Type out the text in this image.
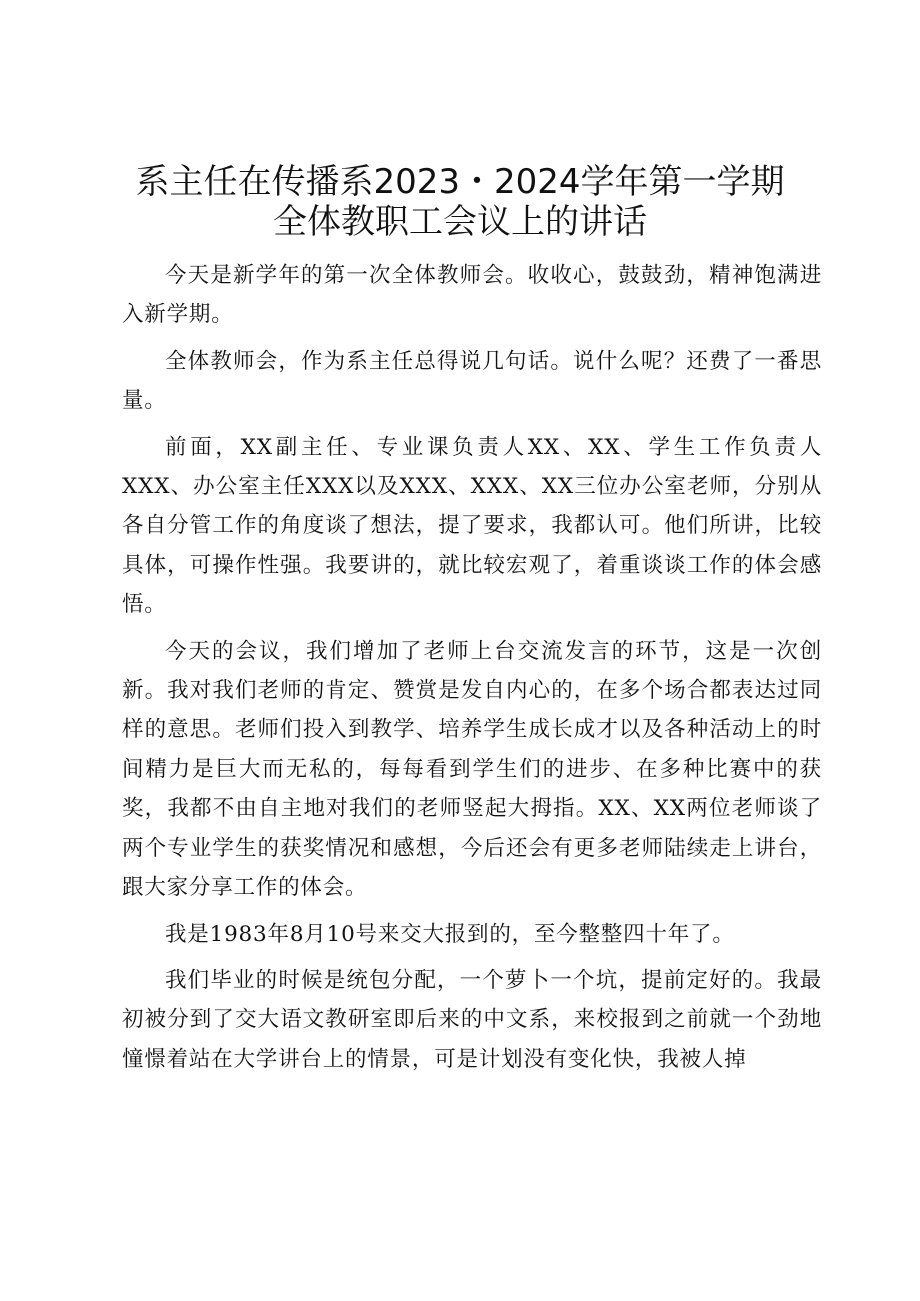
系主任在传播系2023・2024学年第一学期
全体教职工会议上的讲话

今天是新学年的第一次全体教师会。收收心，鼓鼓劲，精神饱满进入新学期。

全体教师会，作为系主任总得说几句话。说什么呢？还费了一番思量。

前面，XX副主任、专业课负责人XX、XX、学生工作负责人XXX、办公室主任XXX以及XXX、XXX、XX三位办公室老师，分别从各自分管工作的角度谈了想法，提了要求，我都认可。他们所讲，比较具体，可操作性强。我要讲的，就比较宏观了，着重谈谈工作的体会感悟。

今天的会议，我们增加了老师上台交流发言的环节，这是一次创新。我对我们老师的肯定、赞赏是发自内心的，在多个场合都表达过同样的意思。老师们投入到教学、培养学生成长成才以及各种活动上的时间精力是巨大而无私的，每每看到学生们的进步、在多种比赛中的获奖，我都不由自主地对我们的老师竖起大拇指。XX、XX两位老师谈了两个专业学生的获奖情况和感想，今后还会有更多老师陆续走上讲台，跟大家分享工作的体会。

我是1983年8月10号来交大报到的，至今整整四十年了。

我们毕业的时候是统包分配，一个萝卜一个坑，提前定好的。我最初被分到了交大语文教研室即后来的中文系，来校报到之前就一个劲地憧憬着站在大学讲台上的情景，可是计划没有变化快，我被人掉
